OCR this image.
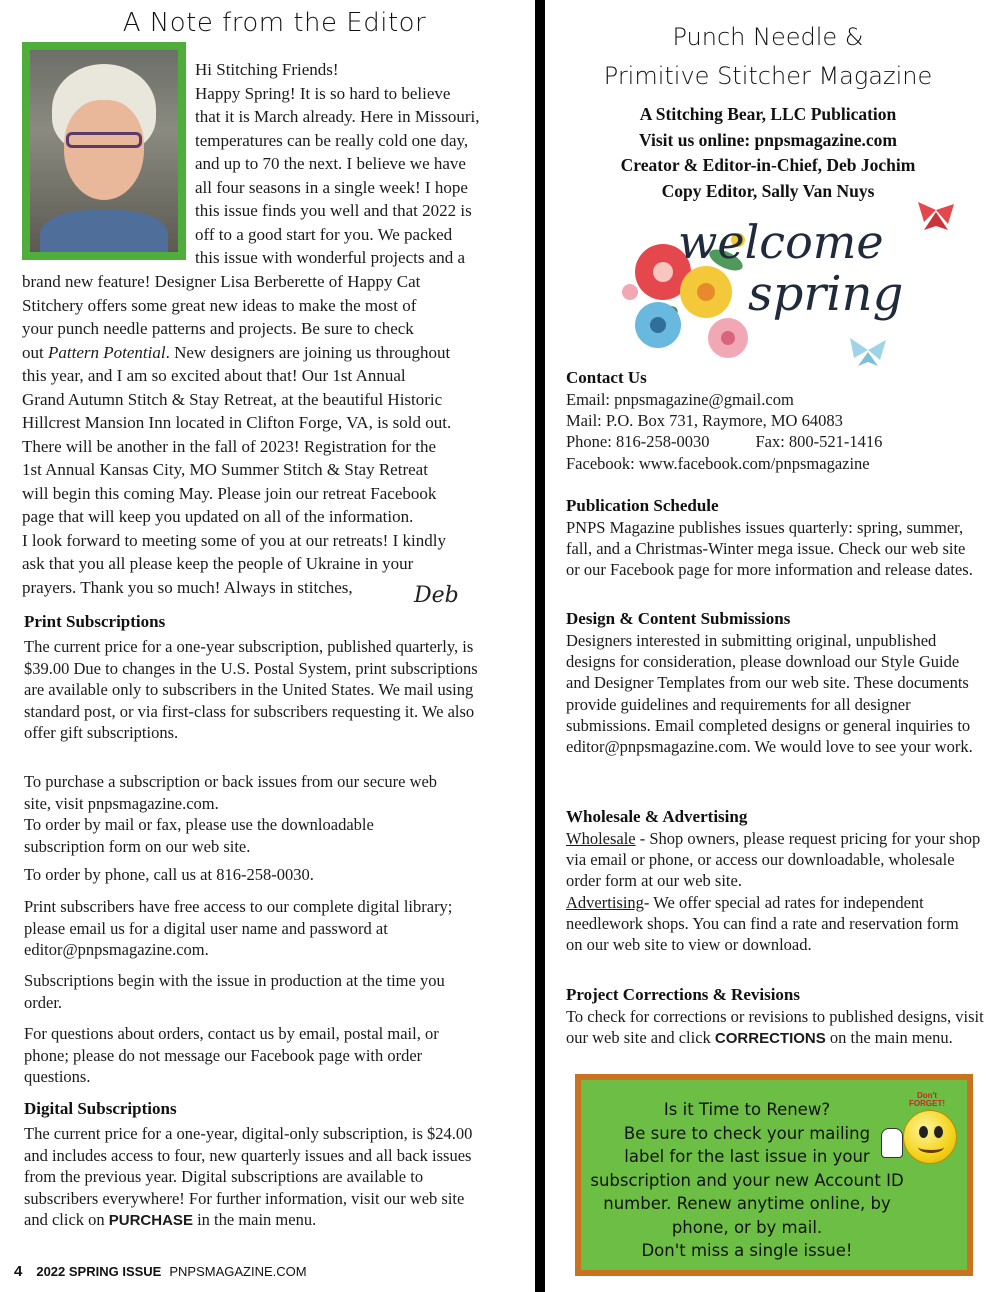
A Note from the Editor
Hi Stitching Friends!
Happy Spring! It is so hard to believe
that it is March already. Here in Missouri,
temperatures can be really cold one day,
and up to 70 the next. I believe we have
all four seasons in a single week! I hope
this issue finds you well and that 2022 is
off to a good start for you. We packed
this issue with wonderful projects and a
brand new feature! Designer Lisa Berberette of Happy Cat
Stitchery offers some great new ideas to make the most of
your punch needle patterns and projects. Be sure to check
out Pattern Potential. New designers are joining us throughout
this year, and I am so excited about that! Our 1st Annual
Grand Autumn Stitch & Stay Retreat, at the beautiful Historic
Hillcrest Mansion Inn located in Clifton Forge, VA, is sold out.
There will be another in the fall of 2023! Registration for the
1st Annual Kansas City, MO Summer Stitch & Stay Retreat
will begin this coming May. Please join our retreat Facebook
page that will keep you updated on all of the information.
I look forward to meeting some of you at our retreats! I kindly
ask that you all please keep the people of Ukraine in your
prayers. Thank you so much! Always in stitches,	Deb
Print Subscriptions
The current price for a one-year subscription, published quarterly, is $39.00 Due to changes in the U.S. Postal System, print subscriptions are available only to subscribers in the United States. We mail using standard post, or via first-class for subscribers requesting it. We also offer gift subscriptions.
To purchase a subscription or back issues from our secure web site, visit pnpsmagazine.com.
To order by mail or fax, please use the downloadable subscription form on our web site.
To order by phone, call us at 816-258-0030.
Print subscribers have free access to our complete digital library; please email us for a digital user name and password at editor@pnpsmagazine.com.
Subscriptions begin with the issue in production at the time you order.
For questions about orders, contact us by email, postal mail, or phone; please do not message our Facebook page with order questions.
Digital Subscriptions
The current price for a one-year, digital-only subscription, is $24.00 and includes access to four, new quarterly issues and all back issues from the previous year. Digital subscriptions are available to subscribers everywhere! For further information, visit our web site and click on PURCHASE in the main menu.
4 2022 SPRING ISSUE PNPSMAGAZINE.COM
Punch Needle &
Primitive Stitcher Magazine
A Stitching Bear, LLC Publication
Visit us online: pnpsmagazine.com
Creator & Editor-in-Chief, Deb Jochim
Copy Editor, Sally Van Nuys
welcome
spring
Contact Us
Email: pnpsmagazine@gmail.com
Mail: P.O. Box 731, Raymore, MO 64083
Phone: 816-258-0030	Fax: 800-521-1416
Facebook: www.facebook.com/pnpsmagazine
Publication Schedule
PNPS Magazine publishes issues quarterly: spring, summer, fall, and a Christmas-Winter mega issue. Check our web site or our Facebook page for more information and release dates.
Design & Content Submissions
Designers interested in submitting original, unpublished designs for consideration, please download our Style Guide and Designer Templates from our web site. These documents provide guidelines and requirements for all designer submissions. Email completed designs or general inquiries to editor@pnpsmagazine.com. We would love to see your work.
Wholesale & Advertising
Wholesale - Shop owners, please request pricing for your shop via email or phone, or access our downloadable, wholesale order form at our web site.
Advertising- We offer special ad rates for independent needlework shops. You can find a rate and reservation form on our web site to view or download.
Project Corrections & Revisions
To check for corrections or revisions to published designs, visit our web site and click CORRECTIONS on the main menu.
Is it Time to Renew?
Be sure to check your mailing
label for the last issue in your
subscription and your new Account ID
number. Renew anytime online, by
phone, or by mail.
Don't miss a single issue!
Don't
FORGET!
